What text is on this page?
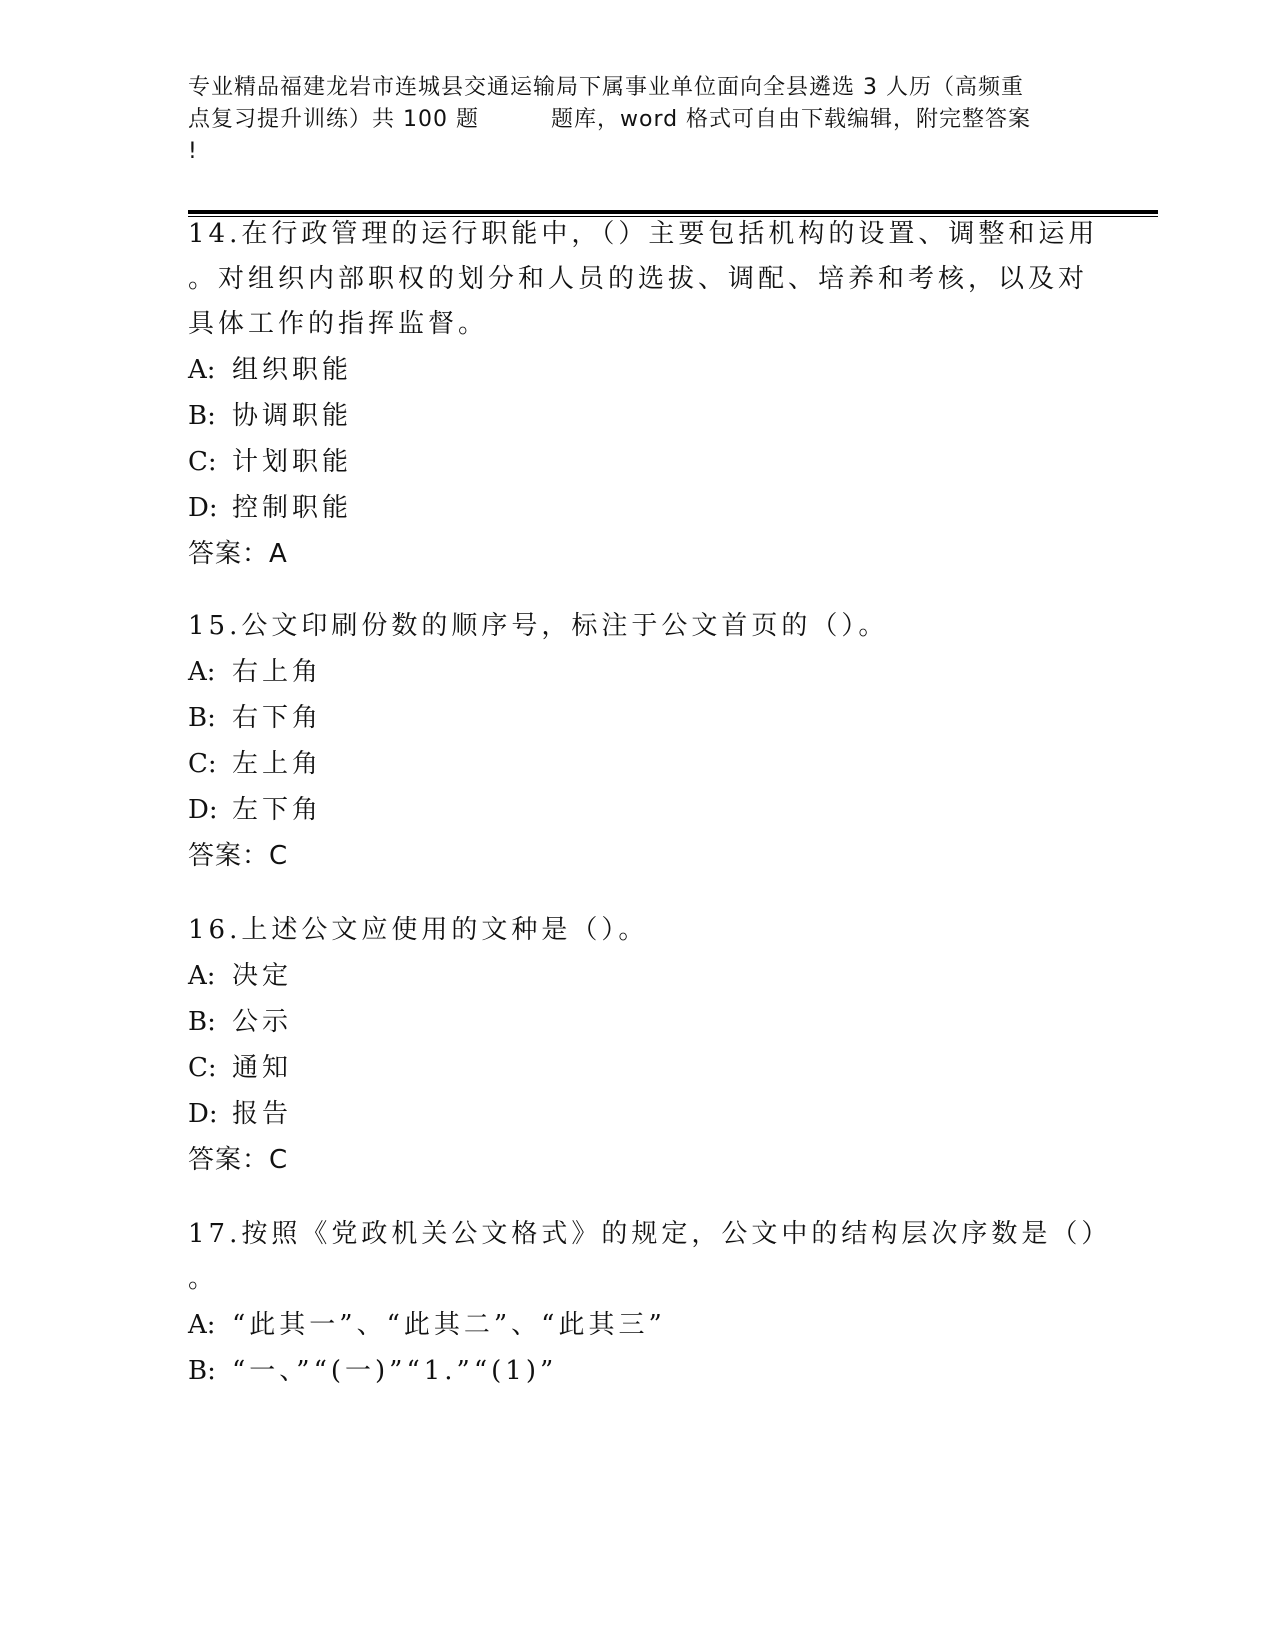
专业精品福建龙岩市连城县交通运输局下属事业单位面向全县遴选 3 人历（高频重
点复习提升训练）共 100 题	题库，word 格式可自由下载编辑，附完整答案
!
14.在行政管理的运行职能中，（）主要包括机构的设置、调整和运用
。对组织内部职权的划分和人员的选拔、调配、培养和考核，以及对
具体工作的指挥监督。
A: 组织职能
B: 协调职能
C: 计划职能
D: 控制职能
答案：A
15.公文印刷份数的顺序号，标注于公文首页的（）。
A: 右上角
B: 右下角
C: 左上角
D: 左下角
答案：C
16.上述公文应使用的文种是（）。
A: 决定
B: 公示
C: 通知
D: 报告
答案：C
17.按照《党政机关公文格式》的规定，公文中的结构层次序数是（）
。
A: “此其一”、“此其二”、“此其三”
B: “一、”“(一)”“1.”“(1)”
